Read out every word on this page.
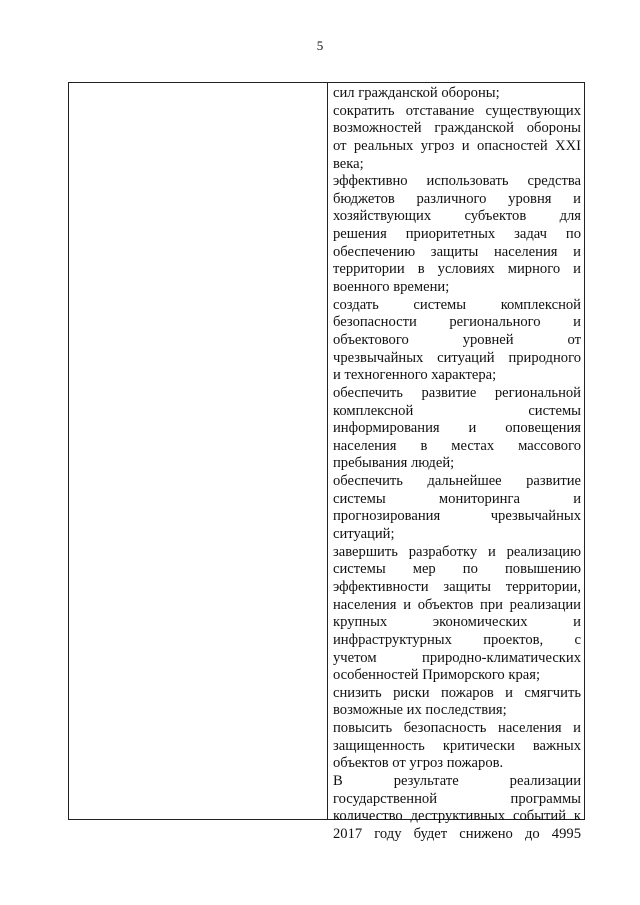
5
сил гражданской обороны;
сократить отставание существующих
возможностей гражданской обороны
от реальных угроз и опасностей XXI
века;
эффективно использовать средства
бюджетов различного уровня и
хозяйствующих субъектов для
решения приоритетных задач по
обеспечению защиты населения и
территории в условиях мирного и
военного времени;
создать системы комплексной
безопасности регионального и
объектового уровней от
чрезвычайных ситуаций природного
и техногенного характера;
обеспечить развитие региональной
комплексной системы
информирования и оповещения
населения в местах массового
пребывания людей;
обеспечить дальнейшее развитие
системы мониторинга и
прогнозирования чрезвычайных
ситуаций;
завершить разработку и реализацию
системы мер по повышению
эффективности защиты территории,
населения и объектов при реализации
крупных экономических и
инфраструктурных проектов, с
учетом природно-климатических
особенностей Приморского края;
снизить риски пожаров и смягчить
возможные их последствия;
повысить безопасность населения и
защищенность критически важных
объектов от угроз пожаров.
В результате реализации
государственной программы
количество деструктивных событий к
2017 году будет снижено до 4995
